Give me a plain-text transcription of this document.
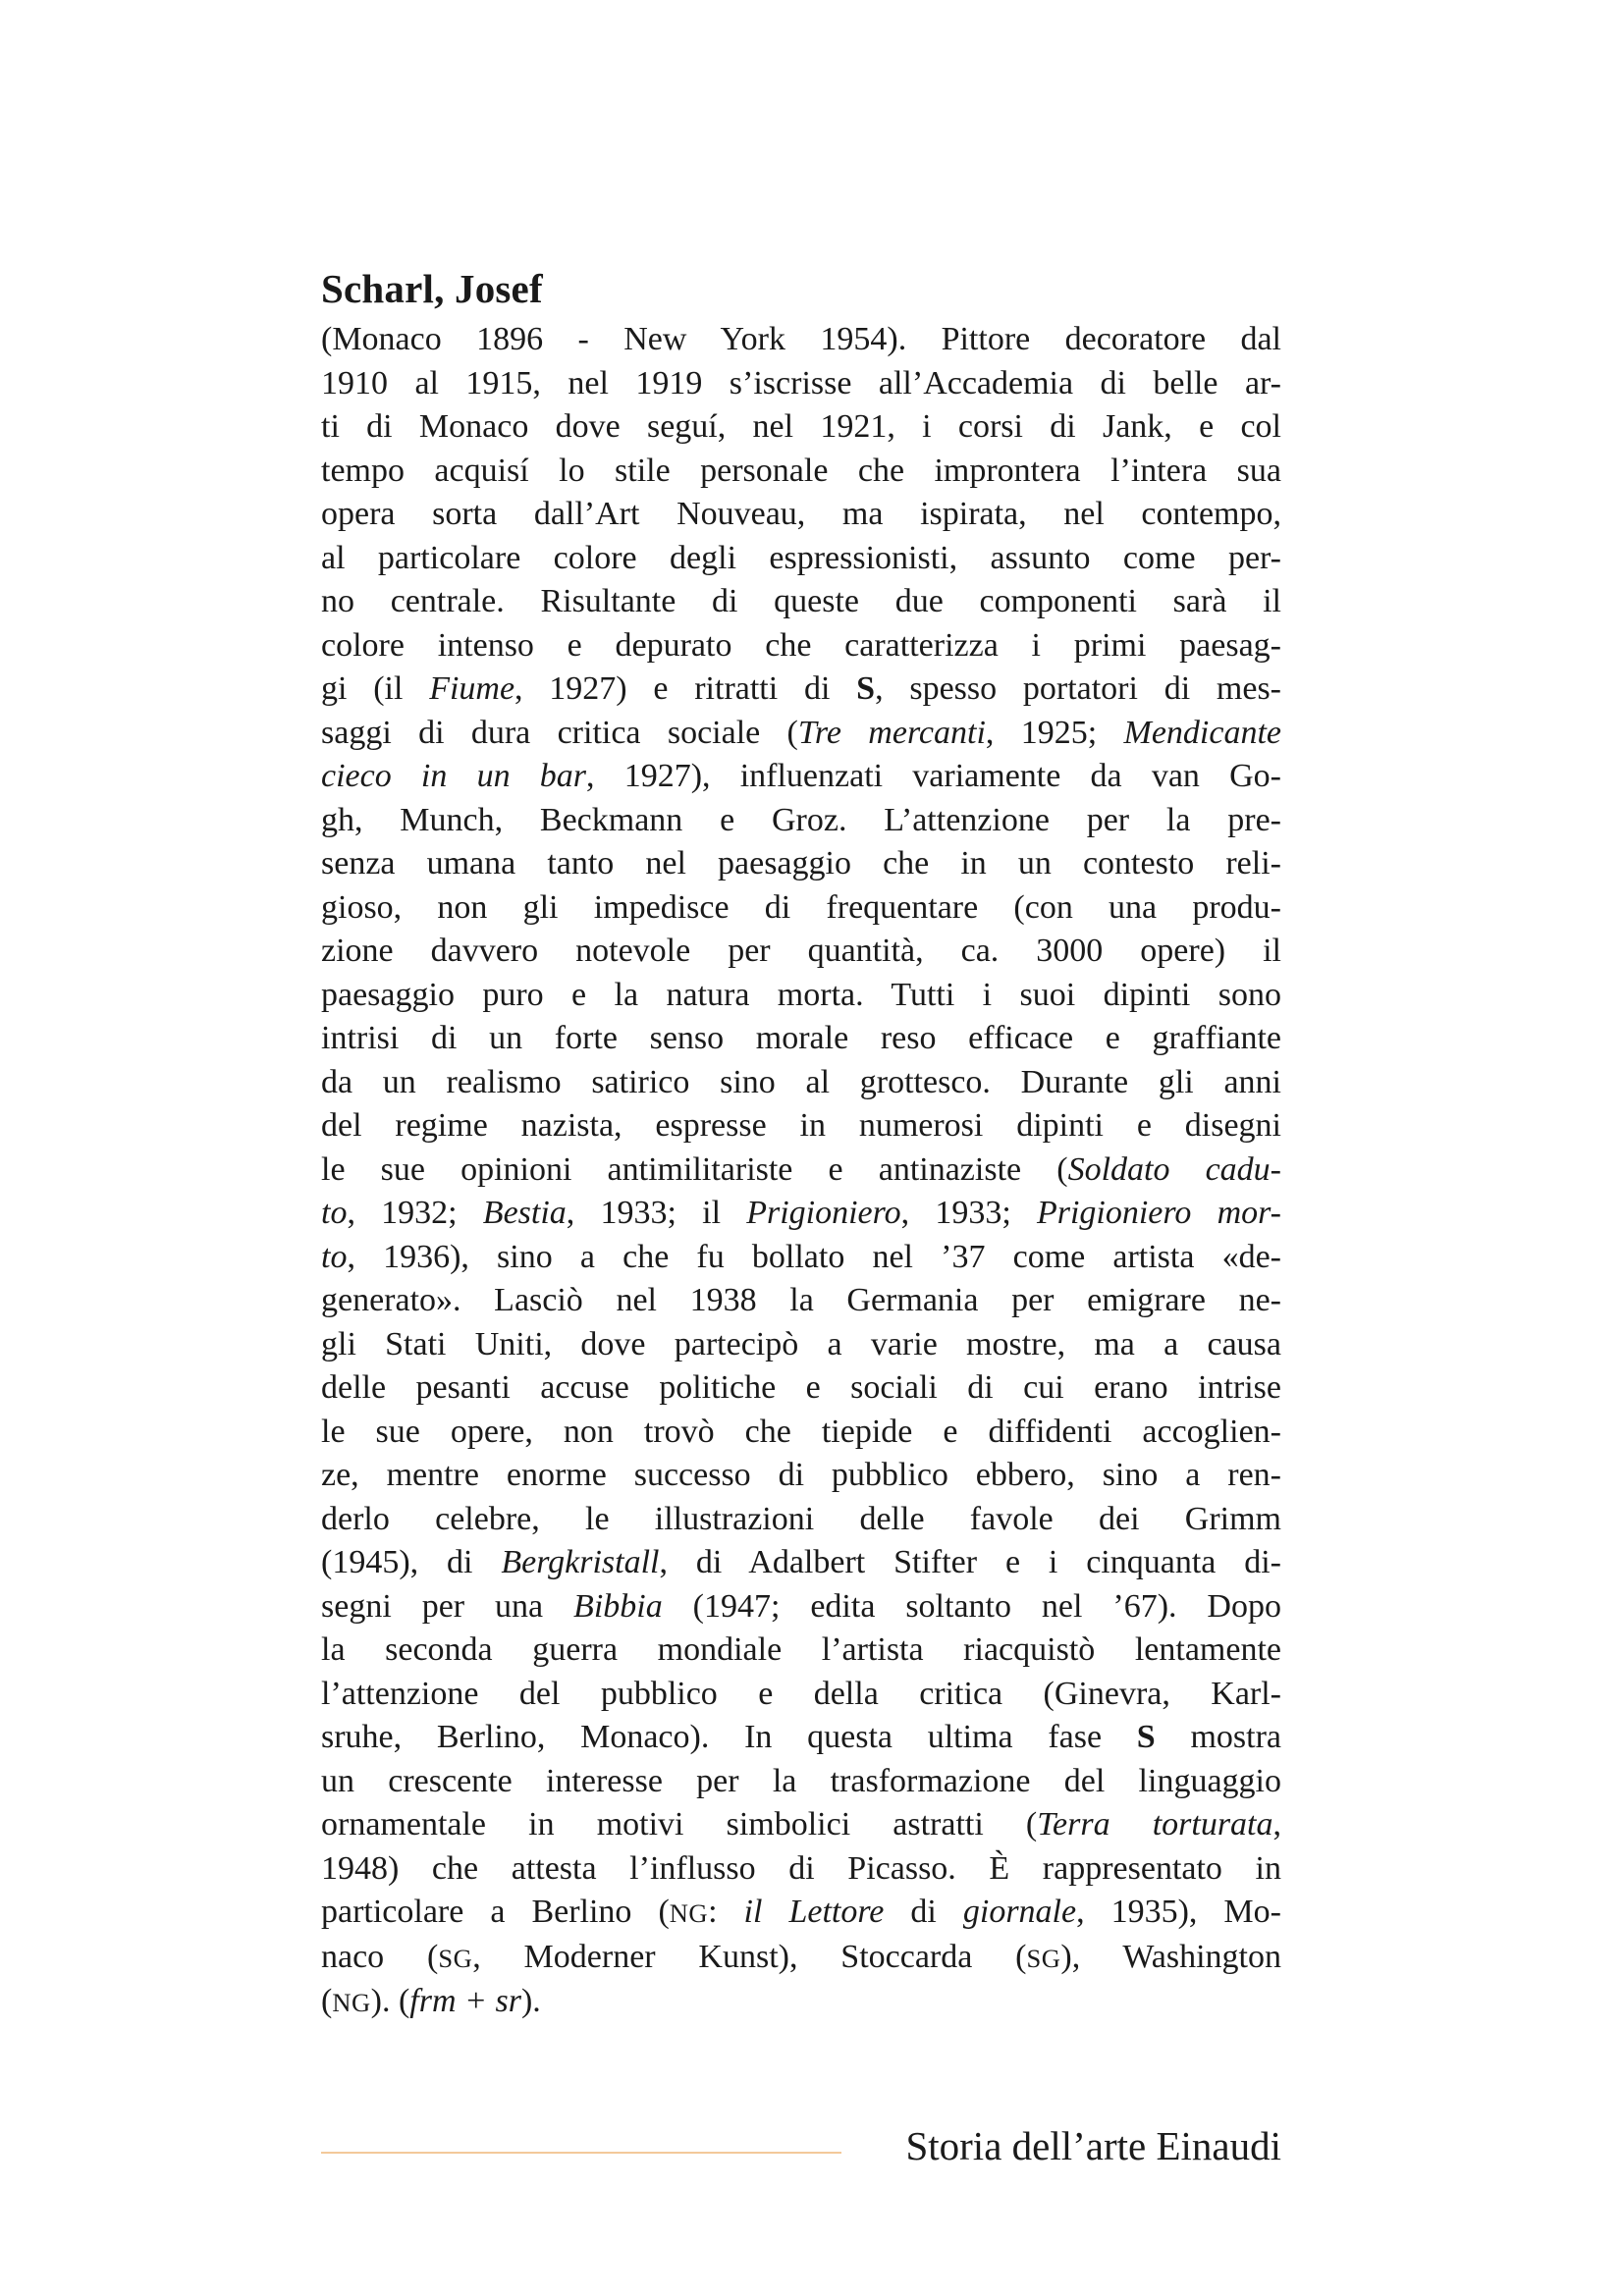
Scharl, Josef
(Monaco 1896 - New York 1954). Pittore decoratore dal
1910 al 1915, nel 1919 s’iscrisse all’Accademia di belle ar-
ti di Monaco dove seguí, nel 1921, i corsi di Jank, e col
tempo acquisí lo stile personale che improntera l’intera sua
opera sorta dall’Art Nouveau, ma ispirata, nel contempo,
al particolare colore degli espressionisti, assunto come per-
no centrale. Risultante di queste due componenti sarà il
colore intenso e depurato che caratterizza i primi paesag-
gi (il Fiume, 1927) e ritratti di S, spesso portatori di mes-
saggi di dura critica sociale (Tre mercanti, 1925; Mendicante
cieco in un bar, 1927), influenzati variamente da van Go-
gh, Munch, Beckmann e Groz. L’attenzione per la pre-
senza umana tanto nel paesaggio che in un contesto reli-
gioso, non gli impedisce di frequentare (con una produ-
zione davvero notevole per quantità, ca. 3000 opere) il
paesaggio puro e la natura morta. Tutti i suoi dipinti sono
intrisi di un forte senso morale reso efficace e graffiante
da un realismo satirico sino al grottesco. Durante gli anni
del regime nazista, espresse in numerosi dipinti e disegni
le sue opinioni antimilitariste e antinaziste (Soldato cadu-
to, 1932; Bestia, 1933; il Prigioniero, 1933; Prigioniero mor-
to, 1936), sino a che fu bollato nel ’37 come artista «de-
generato». Lasciò nel 1938 la Germania per emigrare ne-
gli Stati Uniti, dove partecipò a varie mostre, ma a causa
delle pesanti accuse politiche e sociali di cui erano intrise
le sue opere, non trovò che tiepide e diffidenti accoglien-
ze, mentre enorme successo di pubblico ebbero, sino a ren-
derlo celebre, le illustrazioni delle favole dei Grimm
(1945), di Bergkristall, di Adalbert Stifter e i cinquanta di-
segni per una Bibbia (1947; edita soltanto nel ’67). Dopo
la seconda guerra mondiale l’artista riacquistò lentamente
l’attenzione del pubblico e della critica (Ginevra, Karl-
sruhe, Berlino, Monaco). In questa ultima fase S mostra
un crescente interesse per la trasformazione del linguaggio
ornamentale in motivi simbolici astratti (Terra torturata,
1948) che attesta l’influsso di Picasso. È rappresentato in
particolare a Berlino (NG: il Lettore di giornale, 1935), Mo-
naco (SG, Moderner Kunst), Stoccarda (SG), Washington
(NG). (frm + sr).
Storia dell’arte Einaudi
